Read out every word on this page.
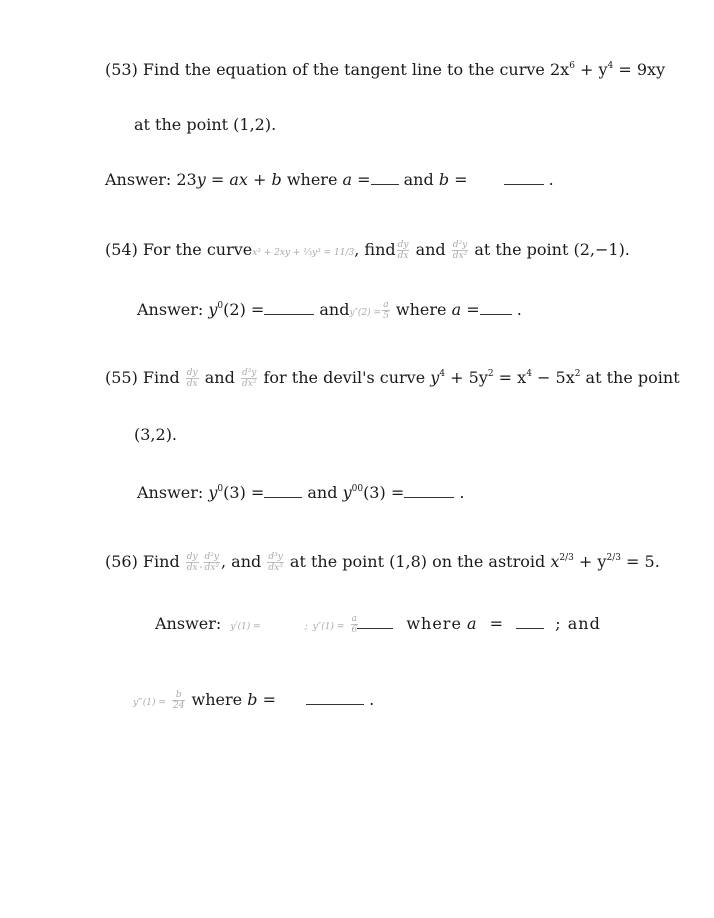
(53) Find the equation of the tangent line to the curve $2x^6 + y^4 = 9xy$
at the point (1,2).
Answer: 23y = ax + b where a = and b =	.
(54) For the curvex³ + 2xy + ⅓y³ = 11/3, find $\frac{dy}{dx}$ and $\frac{\text{d²y}}{\text{dx²}}$ at the point (2,−1).
Answer: $y^0(2)$ =	andy″(2) = $\frac{a}{5}$ where a = .
(55) Find $\frac{dy}{dx}$ and $\frac{\text{d²y}}{\text{dx²}}$ for the devil's curve $y^4 + 5y^2 = x^4 - 5x^2$ at the point
(3,2).
Answer: $y^0(3)$ = and $y^{00}(3)$ =	.
(56) Find $\frac{dy}{dx}$ , $\frac{\text{d²y}}{\text{dx²}}$ , and $\frac{\text{d³y}}{\text{dx³}}$ at the point (1,8) on the astroid $x^{2/3} + y^{2/3} = 5$.
Answer: y′(1) =	; $y''(1) = \frac{a}{6}$	where a =	; and
y‴(1) = $\frac{b}{24}$ where b =	.
